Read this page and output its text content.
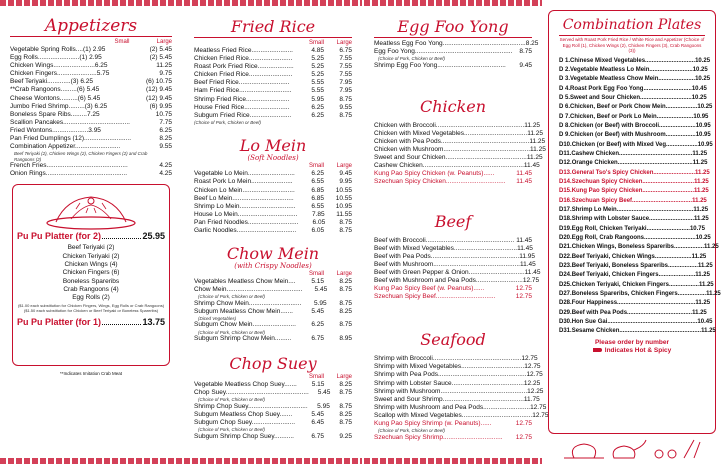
Appetizers
Small	Large
Vegetable Spring Rolls....(1) 2.95	(2) 5.45
Egg Rolls.......................(1) 2.95	(2) 5.45
Chicken Wings.......................6.25	11.25
Chicken Fingers......................5.75	9.75
Beef Teriyaki.............(3) 6.25	(6) 10.75
**Crab Rangoons.........(6) 5.45	(12) 9.45
Cheese Wontons..........(6) 5.45	(12) 9.45
Jumbo Fried Shrimp.........(3) 6.25	(6) 9.95
Boneless Spare Ribs.........7.25	10.75
Scallion Pancakes.....................................	7.75
Fried Wontons....................3.95	6.25
Pan Fried Dumplings (12)..........................	8.25
Combination Appetizer.........................	9.55
Beef Teriyaki (2), Chicken Wings (2), Chicken Fingers (2) and Crab Rangoons (2)
French Fries.............................................	4.25
Onion Rings.............................................	4.25
Pu Pu Platter (for 2)	25.95
Beef Teriyaki (2)
Chicken Teriyaki (2)
Chicken Wings (4)
Chicken Fingers (6)
Boneless Spareribs
Crab Rangoons (4)
Egg Rolls (2)
($1.00 each substitution for Chicken Fingers, Wings, Egg Rolls or Crab Rangoons)
($1.50 each substitution for Chicken or Beef Teriyaki or Boneless Spareribs)
Pu Pu Platter (for 1)	13.75
**Indicates Imitation Crab Meat
Fried Rice
Small	Large
Meatless Fried Rice.......................	4.85	6.75
Chicken Fried Rice........................	5.25	7.55
Roast Pork Fried Rice....................	5.25	7.55
Chicken Fried Rice........................	5.25	7.55
Beef Fried Rice............................	5.55	7.95
Ham Fried Rice.............................	5.55	7.95
Shrimp Fried Rice........................	5.95	8.75
House Fried Rice.........................	6.25	9.55
Subgum Fried Rice.......................	6.25	8.75
(Choice of Pork, Chicken or Beef)
Lo Mein
(Soft Noodles)
Small	Large
Vegetable Lo Mein..........................	6.25	9.45
Roast Pork Lo Mein.......................	6.55	9.95
Chicken Lo Mein.............................	6.85	10.55
Beef Lo Mein..................................	6.85	10.55
Shrimp Lo Mein...............................	6.55	10.95
House Lo Mein.................................	7.85	11.55
Pan Fried Noodles............................	6.05	8.75
Garlic Noodles.................................	6.05	8.75
Chow Mein
(with Crispy Noodles)
Small	Large
Vegetables Meatless Chow Mein....	5.15	8.25
Chow Mein..........................................	5.45	8.75
(Choice of Pork, Chicken or Beef)
Shrimp Chow Mein.............................	5.95	8.75
Subgum Meatless Chow Mein.......	5.45	8.25
(Diced Vegetables)
Subgum Chow Mein........................	6.25	8.75
(Choice of Pork, Chicken or Beef)
Subgum Shrimp Chow Mein.........	6.75	8.95
Chop Suey
Small	Large
Vegetable Meatless Chop Suey.......	5.15	8.25
Chop Suey..............................................	5.45	8.75
(Choice of Pork, Chicken or Beef)
Shrimp Chop Suey.................................	5.95	8.75
Subgum Meatless Chop Suey.......	5.45	8.25
Subgum Chop Suey........................	6.45	8.75
(Choice of Pork, Chicken or Beef)
Subgum Shrimp Chop Suey...........	6.75	9.25
Egg Foo Yong
Meatless Egg Foo Yong.............................................. 8.25
Egg Foo Yong......................................................	8.75
(Choice of Pork, Chicken or Beef)
Shrimp Egg Foo Yong......................................	9.45
Chicken
Chicken with Broccoli................................................. 11.25
Chicken with Mixed Vegetables................................... 11.25
Chicken with Pea Pods................................................. 11.25
Chicken with Mushroom................................................ 11.25
Sweet and Sour Chicken............................................. 11.25
Cashew Chicken........................................................ 11.45
Kung Pao Spicy Chicken (w. Peanuts)......	11.45
Szechuan Spicy Chicken.................................	11.45
Beef
Beef with Broccoli................................................. 11.45
Beef with Mixed Vegetables................................... 11.45
Beef with Pea Pods................................................. 11.95
Beef with Mushroom................................................ 11.45
Beef with Green Pepper & Onion............................... 11.45
Beef with Mushroom and Pea Pods.......................... 12.75
Kung Pao Spicy Beef (w. Peanuts)......	12.75
Szechuan Spicy Beef.................................	12.75
Seafood
Shrimp with Broccoli................................................. 12.75
Shrimp with Mixed Vegetables................................... 12.75
Shrimp with Pea Pods................................................. 12.75
Shrimp with Lobster Sauce........................................ 12.25
Shrimp with Mushroom................................................ 12.25
Sweet and Sour Shrimp............................................. 11.75
Shrimp with Mushroom and Pea Pods.......................... 12.75
Scallop with Mixed Vegetables....................................... 12.75
Kung Pao Spicy Shrimp (w. Peanuts)......	12.75
(Choice of Pork, Chicken or Beef)
Szechuan Spicy Shrimp.................................	12.75
Combination Plates
Served with Roast Pork Fried Rice / White Rice and Appetizer (Choice of Egg Roll (1), Chicken Wings (2), Chicken Fingers (3), Crab Rangoons (3))
D 1. Chinese Mixed Vegetables.............................. 10.25
D 2. Vegetable Meatless Lo Mein.......................... 10.25
D 3. Vegetable Meatless Chow Mein...................... 10.25
D 4. Roast Pork Egg Foo Yong............................. 10.45
D 5. Sweet and Sour Chicken............................... 10.25
D 6. Chicken, Beef or Pork Chow Mein................... 10.25
D 7. Chicken, Beef or Pork Lo Mein...................... 10.95
D 8. Chicken (or Beef) with Broccoli...................... 10.95
D 9. Chicken (or Beef) with Mushroom.................. 10.95
D10. Chicken (or Beef) with Mixed Veg................... 10.95
D11. Cashew Chicken............................................ 11.25
D12. Orange Chicken............................................. 11.25
D13. General Tso's Spicy Chicken......................... 11.25
D14. Szechuan Spicy Chicken............................... 11.25
D15. Kung Pao Spicy Chicken............................... 11.25
D16. Szechuan Spicy Beef.................................... 11.25
D17. Shrimp Lo Mein.............................................. 11.25
D18. Shrimp with Lobster Sauce........................... 11.25
D19. Egg Roll, Chicken Teriyaki.......................... 10.75
D20. Egg Roll, Crab Rangoons............................... 10.25
D21. Chicken Wings, Boneless Spareribs.................. 11.25
D22. Beef Teriyaki, Chicken Wings...................... 11.25
D23. Beef Teriyaki, Boneless Spareribs.................. 11.25
D24. Beef Teriyaki, Chicken Fingers...................... 11.25
D25. Chicken Teriyaki, Chicken Fingers.................. 11.25
D27. Boneless Spareribs, Chicken Fingers................. 11.25
D28. Four Happiness............................................... 11.25
D29. Beef with Pea Pods....................................... 11.25
D30. Hon Sue Gai...................................................... 10.45
D31. Sesame Chicken................................................. 11.25
Please order by number
Indicates Hot & Spicy
